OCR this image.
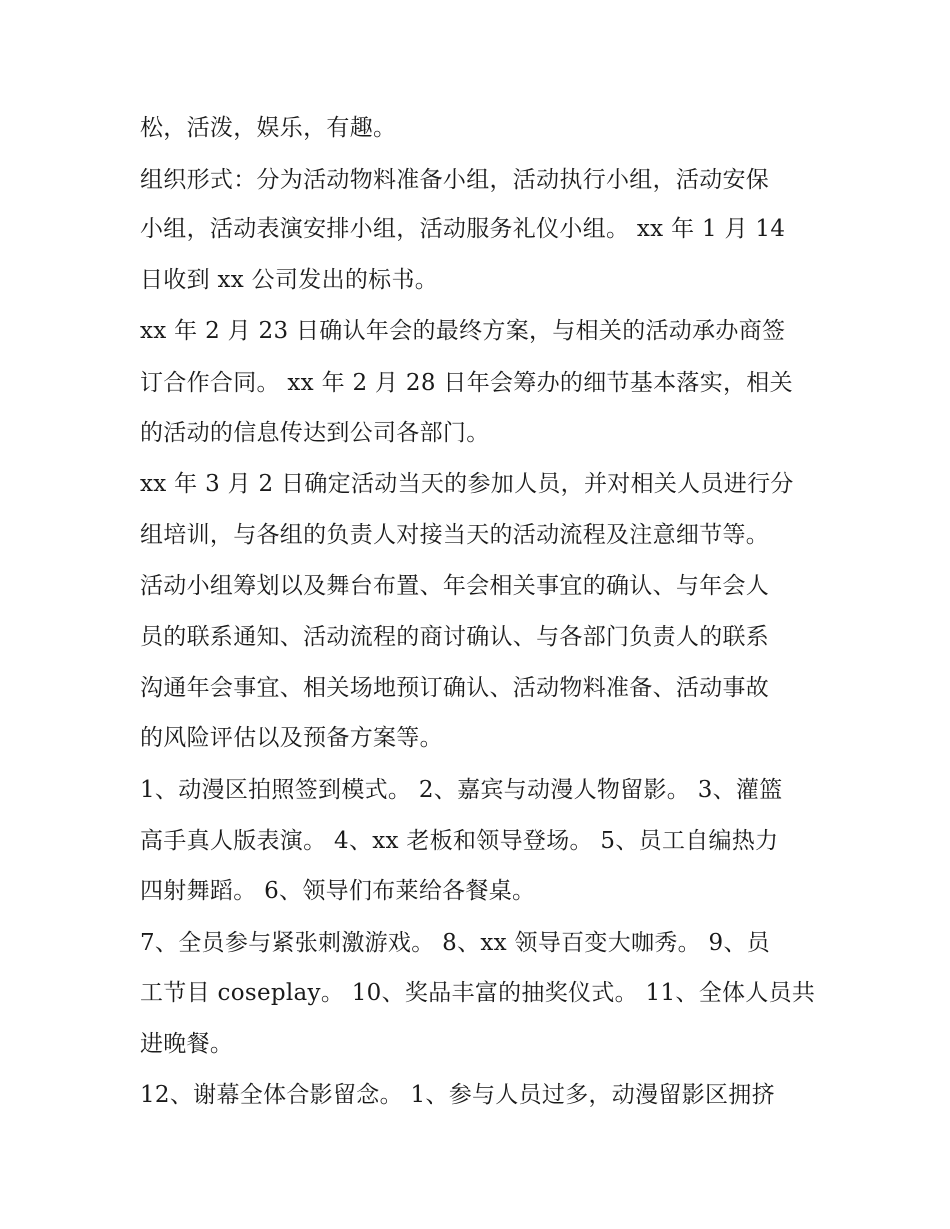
松，活泼，娱乐，有趣。
组织形式：分为活动物料准备小组，活动执行小组，活动安保
小组，活动表演安排小组，活动服务礼仪小组。 xx 年 1 月 14
日收到 xx 公司发出的标书。
xx 年 2 月 23 日确认年会的最终方案，与相关的活动承办商签
订合作合同。 xx 年 2 月 28 日年会筹办的细节基本落实，相关
的活动的信息传达到公司各部门。
xx 年 3 月 2 日确定活动当天的参加人员，并对相关人员进行分
组培训，与各组的负责人对接当天的活动流程及注意细节等。
活动小组筹划以及舞台布置、年会相关事宜的确认、与年会人
员的联系通知、活动流程的商讨确认、与各部门负责人的联系
沟通年会事宜、相关场地预订确认、活动物料准备、活动事故
的风险评估以及预备方案等。
1、动漫区拍照签到模式。 2、嘉宾与动漫人物留影。 3、灌篮
高手真人版表演。 4、xx 老板和领导登场。 5、员工自编热力
四射舞蹈。 6、领导们布莱给各餐桌。
7、全员参与紧张刺激游戏。 8、xx 领导百变大咖秀。 9、员
工节目 coseplay。 10、奖品丰富的抽奖仪式。 11、全体人员共
进晚餐。
12、谢幕全体合影留念。 1、参与人员过多，动漫留影区拥挤
